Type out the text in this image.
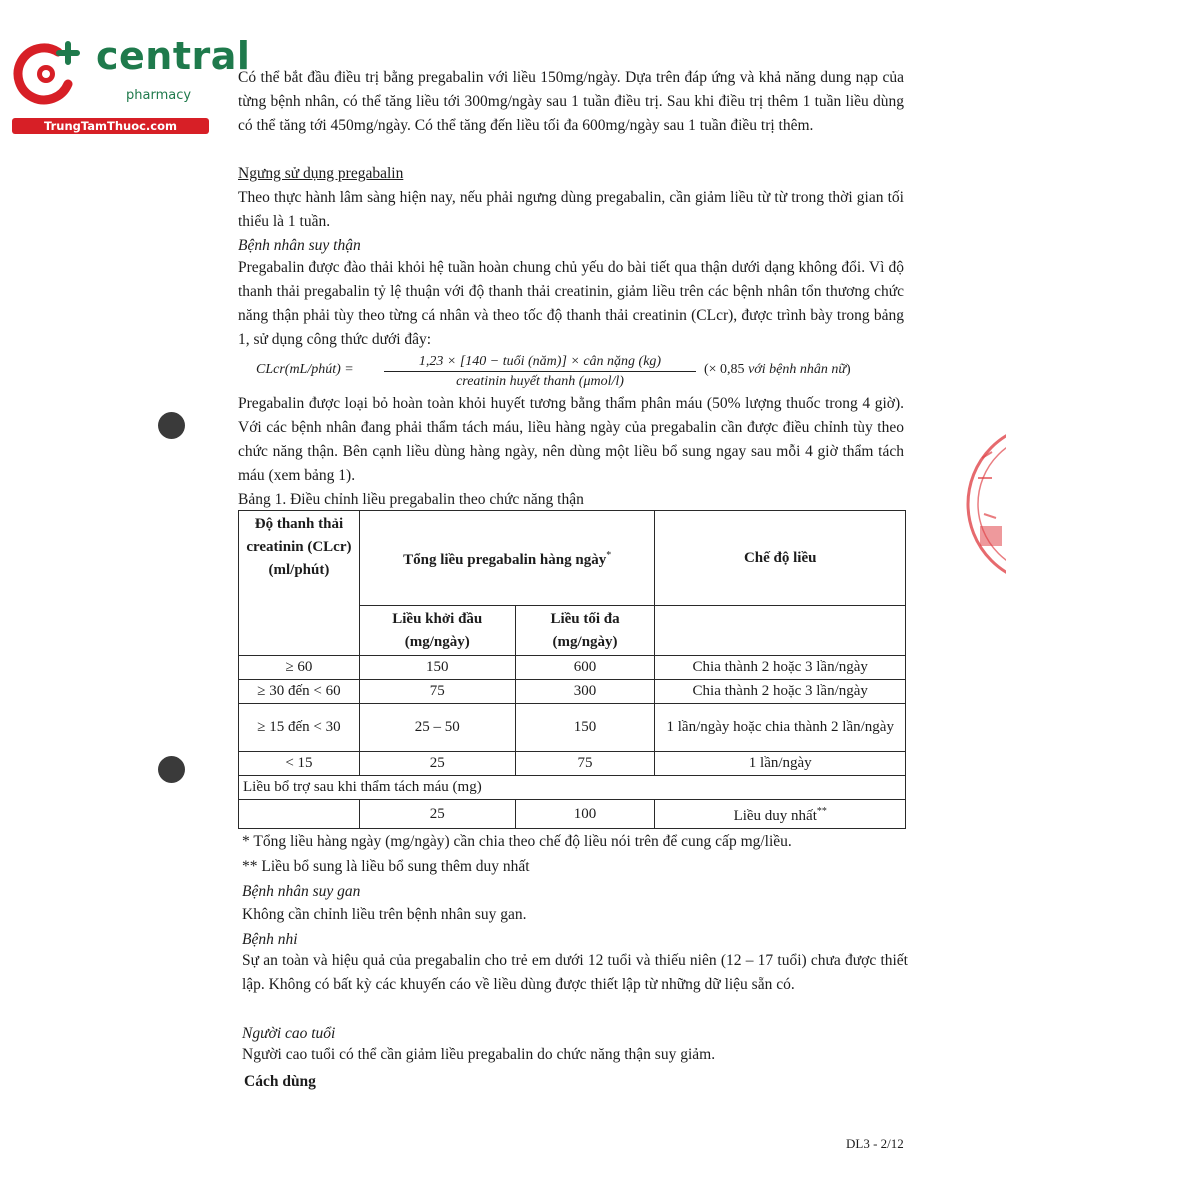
central
pharmacy
TrungTamThuoc.com
Có thể bắt đầu điều trị bằng pregabalin với liều 150mg/ngày. Dựa trên đáp ứng và khả năng dung nạp của từng bệnh nhân, có thể tăng liều tới 300mg/ngày sau 1 tuần điều trị. Sau khi điều trị thêm 1 tuần liều dùng có thể tăng tới 450mg/ngày. Có thể tăng đến liều tối đa 600mg/ngày sau 1 tuần điều trị thêm.
Ngưng sử dụng pregabalin
Theo thực hành lâm sàng hiện nay, nếu phải ngưng dùng pregabalin, cần giảm liều từ từ trong thời gian tối thiểu là 1 tuần.
Bệnh nhân suy thận
Pregabalin được đào thải khỏi hệ tuần hoàn chung chủ yếu do bài tiết qua thận dưới dạng không đổi. Vì độ thanh thải pregabalin tỷ lệ thuận với độ thanh thải creatinin, giảm liều trên các bệnh nhân tổn thương chức năng thận phải tùy theo từng cá nhân và theo tốc độ thanh thải creatinin (CLcr), được trình bày trong bảng 1, sử dụng công thức dưới đây:
CLcr(mL/phút) =
1,23 × [140 − tuổi (năm)] × cân nặng (kg)
creatinin huyết thanh (μmol/l)
(× 0,85 với bệnh nhân nữ)
Pregabalin được loại bỏ hoàn toàn khỏi huyết tương bằng thẩm phân máu (50% lượng thuốc trong 4 giờ). Với các bệnh nhân đang phải thẩm tách máu, liều hàng ngày của pregabalin cần được điều chỉnh tùy theo chức năng thận. Bên cạnh liều dùng hàng ngày, nên dùng một liều bổ sung ngay sau mỗi 4 giờ thẩm tách máu (xem bảng 1).
Bảng 1. Điều chỉnh liều pregabalin theo chức năng thận
Độ thanh thải creatinin (CLcr) (ml/phút)	Tổng liều pregabalin hàng ngày*		Chế độ liều
	Liều khởi đầu (mg/ngày)	Liều tối đa (mg/ngày)	
≥ 60	150	600	Chia thành 2 hoặc 3 lần/ngày
≥ 30 đến < 60	75	300	Chia thành 2 hoặc 3 lần/ngày
≥ 15 đến < 30	25 – 50	150	1 lần/ngày hoặc chia thành 2 lần/ngày
< 15	25	75	1 lần/ngày
Liều bổ trợ sau khi thẩm tách máu (mg)			
	25	100	Liều duy nhất**
* Tổng liều hàng ngày (mg/ngày) cần chia theo chế độ liều nói trên để cung cấp mg/liều.
** Liều bổ sung là liều bổ sung thêm duy nhất
Bệnh nhân suy gan
Không cần chỉnh liều trên bệnh nhân suy gan.
Bệnh nhi
Sự an toàn và hiệu quả của pregabalin cho trẻ em dưới 12 tuổi và thiếu niên (12 – 17 tuổi) chưa được thiết lập. Không có bất kỳ các khuyến cáo về liều dùng được thiết lập từ những dữ liệu sẵn có.
Người cao tuổi
Người cao tuổi có thể cần giảm liều pregabalin do chức năng thận suy giảm.
Cách dùng
DL3 - 2/12
